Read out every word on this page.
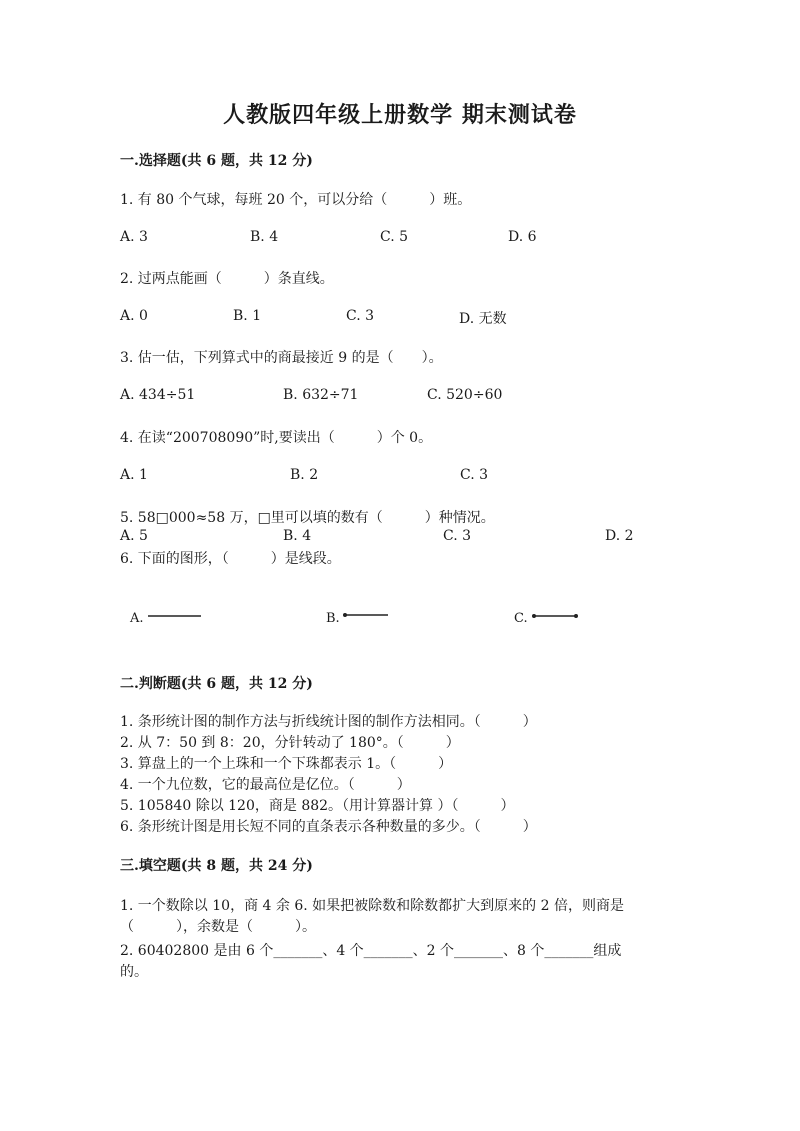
人教版四年级上册数学 期末测试卷
一.选择题(共 6 题，共 12 分)
1. 有 80 个气球，每班 20 个，可以分给（　　　）班。
A. 3	B. 4	C. 5	D. 6
2. 过两点能画（　　　）条直线。
A. 0	B. 1	C. 3	D. 无数
3. 估一估，下列算式中的商最接近 9 的是（　　）。
A. 434÷51	B. 632÷71	C. 520÷60
4. 在读“200708090”时,要读出（　　　）个 0。
A. 1	B. 2	C. 3
5. 58□000≈58 万，□里可以填的数有（　　　）种情况。
A. 5	B. 4	C. 3	D. 2
6. 下面的图形，（　　　）是线段。
A.	B.	C.
二.判断题(共 6 题，共 12 分)
1. 条形统计图的制作方法与折线统计图的制作方法相同。（　　　）
2. 从 7：50 到 8：20，分针转动了 180°。（　　　）
3. 算盘上的一个上珠和一个下珠都表示 1。（　　　）
4. 一个九位数，它的最高位是亿位。（　　　）
5. 105840 除以 120，商是 882。（用计算器计算 ）（　　　）
6. 条形统计图是用长短不同的直条表示各种数量的多少。（　　　）
三.填空题(共 8 题，共 24 分)
1. 一个数除以 10，商 4 余 6. 如果把被除数和除数都扩大到原来的 2 倍，则商是
（　　　），余数是（　　　）。
2. 60402800 是由 6 个_______、4 个_______、2 个_______、8 个_______组成
的。
